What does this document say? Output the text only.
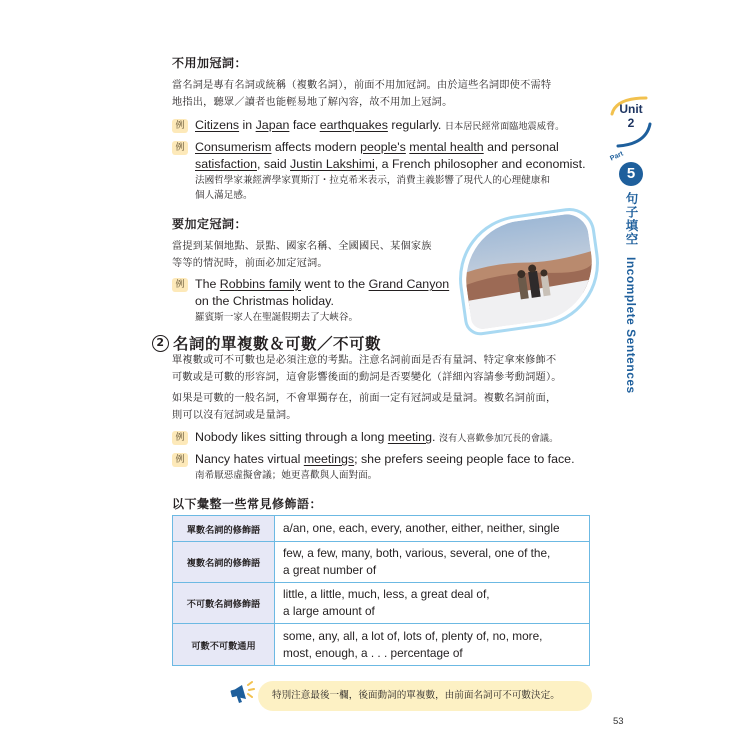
不用加冠詞：
當名詞是專有名詞或統稱（複數名詞），前面不用加冠詞。由於這些名詞即使不需特
地指出，聽眾／讀者也能輕易地了解內容，故不用加上冠詞。
例 Citizens in Japan face earthquakes regularly. 日本居民經常面臨地震威脅。
例 Consumerism affects modern people's mental health and personal
satisfaction, said Justin Lakshimi, a French philosopher and economist.
法國哲學家兼經濟學家賈斯汀・拉克希米表示，消費主義影響了現代人的心理健康和
個人滿足感。
要加定冠詞：
當提到某個地點、景點、國家名稱、全國國民、某個家族
等等的情況時，前面必加定冠詞。
例 The Robbins family went to the Grand Canyon
on the Christmas holiday.
羅賓斯一家人在聖誕假期去了大峽谷。
2 名詞的單複數＆可數／不可數
單複數或可不可數也是必須注意的考點。注意名詞前面是否有量詞、特定拿來修飾不
可數或是可數的形容詞，這會影響後面的動詞是否要變化（詳細內容請參考動詞題）。
如果是可數的一般名詞，不會單獨存在，前面一定有冠詞或是量詞。複數名詞前面，
則可以沒有冠詞或是量詞。
例 Nobody likes sitting through a long meeting. 沒有人喜歡參加冗長的會議。
例 Nancy hates virtual meetings; she prefers seeing people face to face.
南希厭惡虛擬會議；她更喜歡與人面對面。
以下彙整一些常見修飾語：
單數名詞的修飾語	a/an, one, each, every, another, either, neither, single

複數名詞的修飾語	few, a few, many, both, various, several, one of the,
a great number of

不可數名詞修飾語	little, a little, much, less, a great deal of,
a large amount of

可數不可數通用	some, any, all, a lot of, lots of, plenty of, no, more,
most, enough, a . . . percentage of
特別注意最後一欄，後面動詞的單複數，由前面名詞可不可數決定。
Unit
2
Part
5
句子填空 Incomplete Sentences
53
